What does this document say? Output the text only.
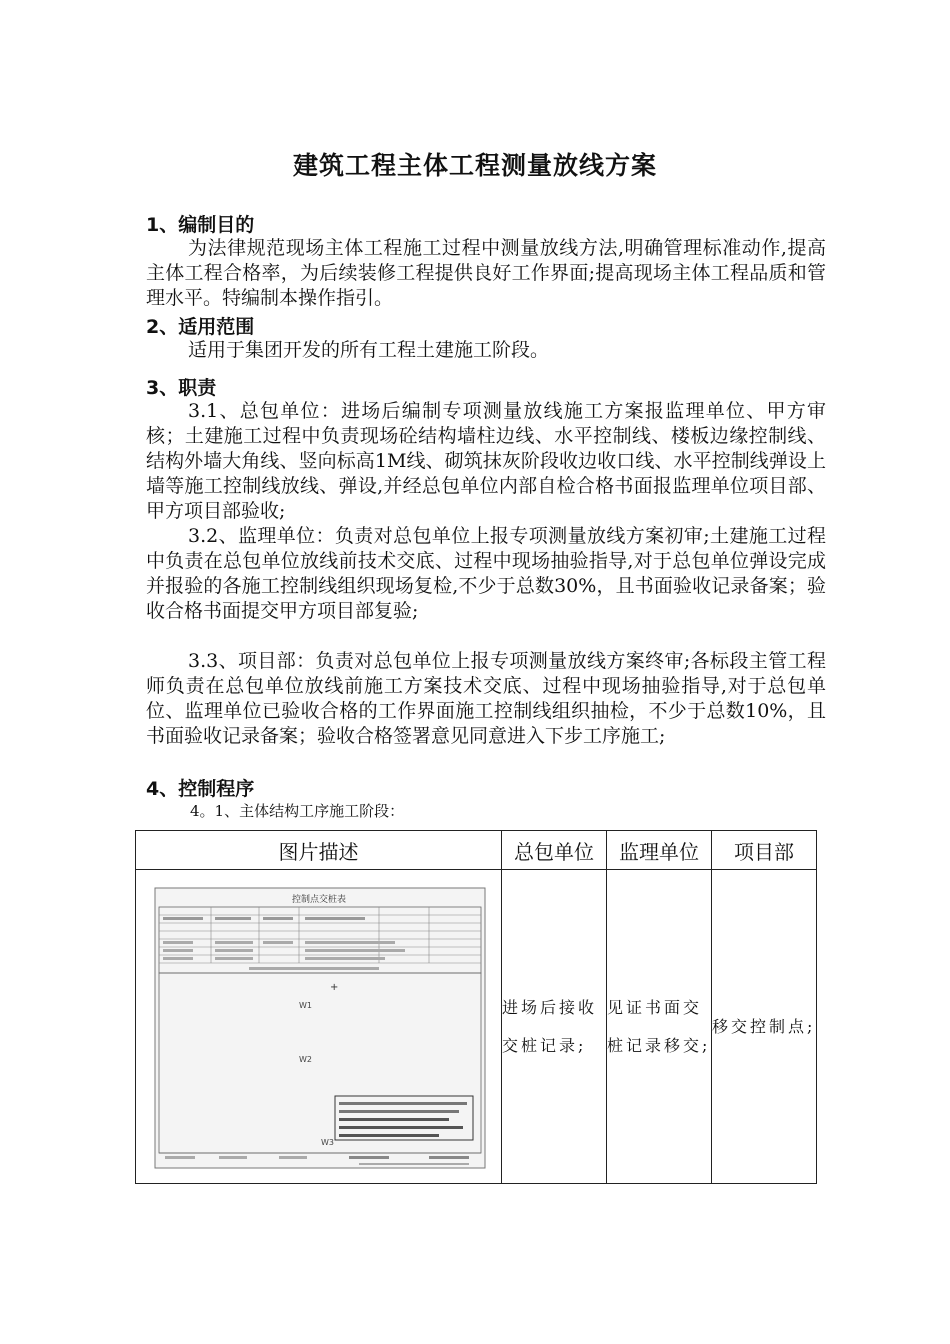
建筑工程主体工程测量放线方案
1、编制目的

为法律规范现场主体工程施工过程中测量放线方法,明确管理标准动作,提高主体工程合格率，为后续装修工程提供良好工作界面;提高现场主体工程品质和管理水平。特编制本操作指引。

2、适用范围

适用于集团开发的所有工程土建施工阶段。

3、职责

3.1、总包单位：进场后编制专项测量放线施工方案报监理单位、甲方审核；土建施工过程中负责现场砼结构墙柱边线、水平控制线、楼板边缘控制线、结构外墙大角线、竖向标高1M线、砌筑抹灰阶段收边收口线、水平控制线弹设上墙等施工控制线放线、弹设,并经总包单位内部自检合格书面报监理单位项目部、甲方项目部验收;

3.2、监理单位：负责对总包单位上报专项测量放线方案初审;土建施工过程中负责在总包单位放线前技术交底、过程中现场抽验指导,对于总包单位弹设完成并报验的各施工控制线组织现场复检,不少于总数30%，且书面验收记录备案；验收合格书面提交甲方项目部复验;

3.3、项目部：负责对总包单位上报专项测量放线方案终审;各标段主管工程师负责在总包单位放线前施工方案技术交底、过程中现场抽验指导,对于总包单位、监理单位已验收合格的工作界面施工控制线组织抽检，不少于总数10%，且书面验收记录备案；验收合格签署意见同意进入下步工序施工;

4、控制程序
4。1、主体结构工序施工阶段：
图片描述	总包单位	监理单位	项目部

控制点交桩表
+
W1
W2
W3	进场后接收交桩记录;	见证书面交桩记录移交;	移交控制点;
